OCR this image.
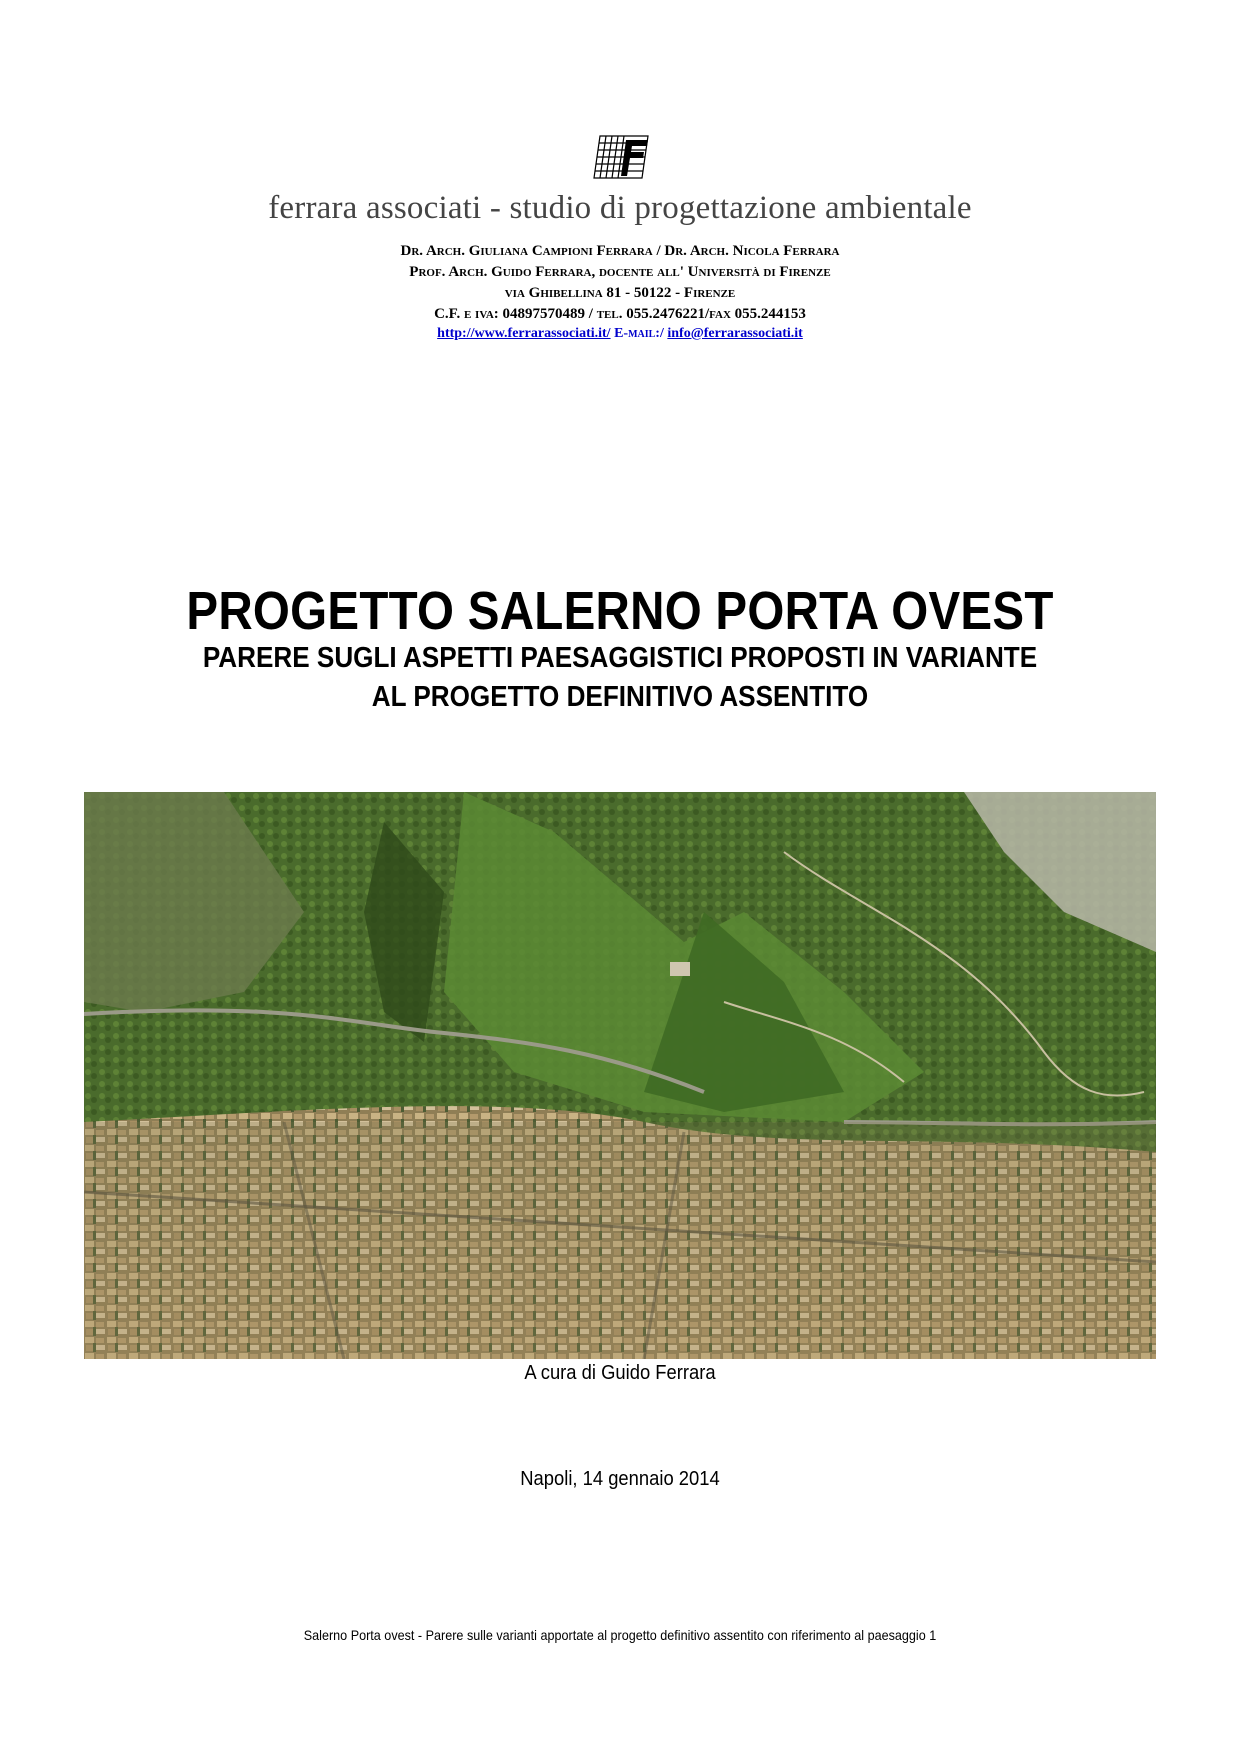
ferrara associati - studio di progettazione ambientale
Dr. Arch. Giuliana Campioni Ferrara / Dr. Arch. Nicola Ferrara
Prof. Arch. Guido Ferrara, docente all' Università di Firenze
via Ghibellina 81 - 50122 - Firenze
C.F. e iva: 04897570489 / tel. 055.2476221/fax 055.244153
http://www.ferrarassociati.it/ E-mail:/ info@ferrarassociati.it
PROGETTO SALERNO PORTA OVEST
PARERE SUGLI ASPETTI PAESAGGISTICI PROPOSTI IN VARIANTE
AL PROGETTO DEFINITIVO ASSENTITO
A cura di Guido Ferrara
Napoli, 14 gennaio 2014
Salerno Porta ovest - Parere sulle varianti apportate al progetto definitivo assentito con riferimento al paesaggio 1
